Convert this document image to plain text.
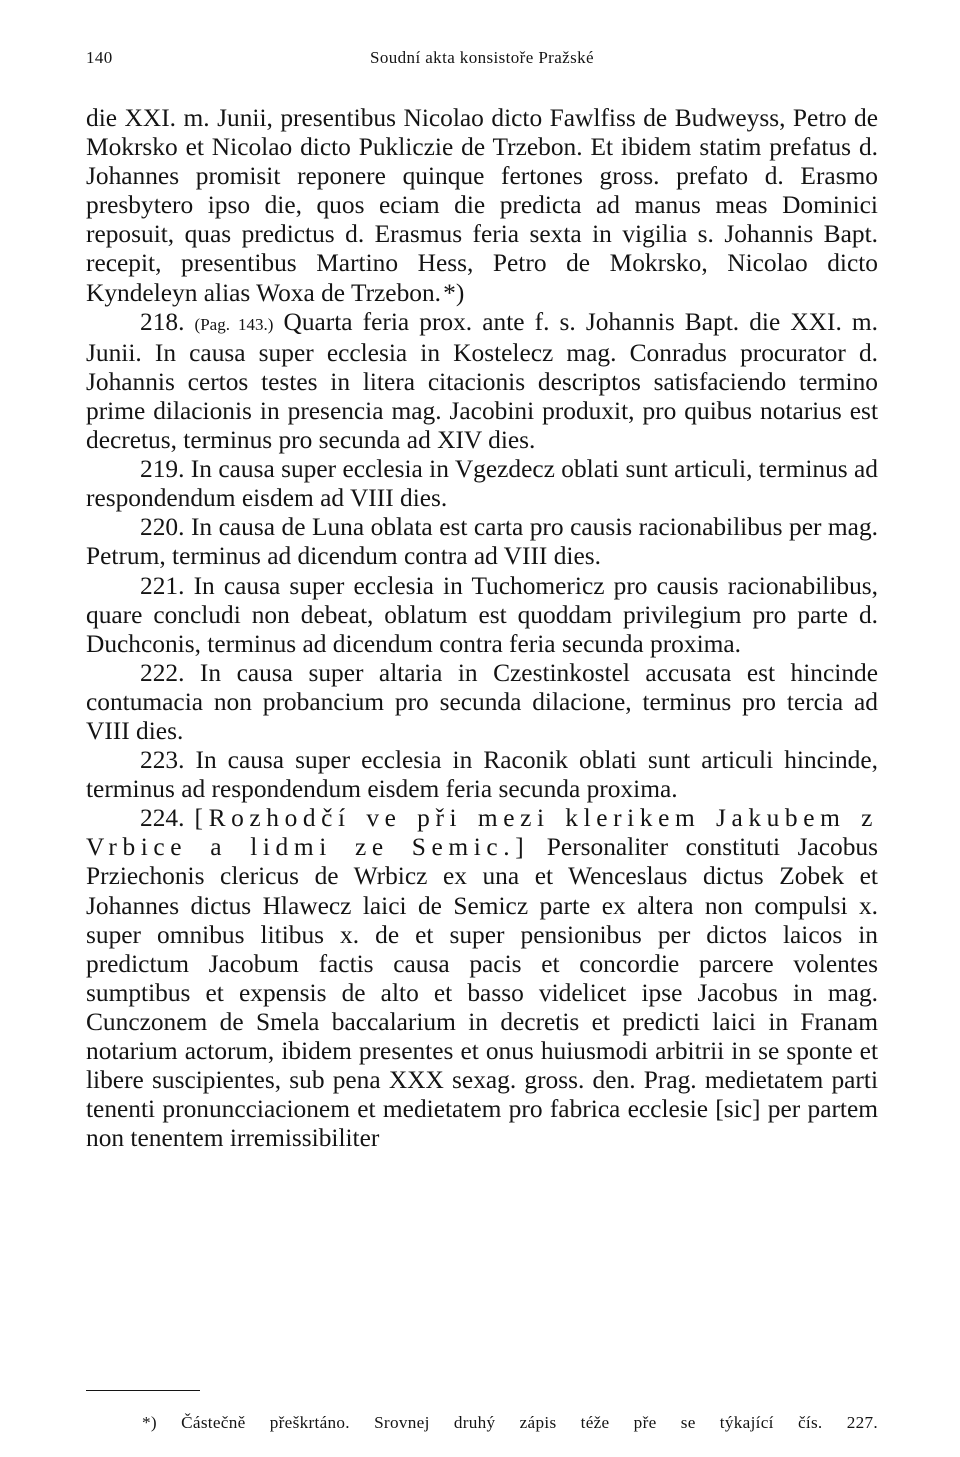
140	Soudní akta konsistoře Pražské

die XXI. m. Junii, presentibus Nicolao dicto Fawlfiss de Budweyss, Petro de Mokrsko et Nicolao dicto Pukliczie de Trzebon. Et ibidem statim prefatus d. Johannes promisit reponere quinque fertones gross. prefato d. Erasmo presbytero ipso die, quos eciam die predicta ad manus meas Dominici reposuit, quas predictus d. Erasmus feria sexta in vigilia s. Johannis Bapt. recepit, presentibus Martino Hess, Petro de Mokrsko, Nicolao dicto Kyndeleyn alias Woxa de Trzebon. *)

218. (Pag. 143.) Quarta feria prox. ante f. s. Johannis Bapt. die XXI. m. Junii. In causa super ecclesia in Kostelecz mag. Conradus procurator d. Johannis certos testes in litera citacionis descriptos satisfaciendo termino prime dilacionis in presencia mag. Jacobini produxit, pro quibus notarius est decretus, terminus pro secunda ad XIV dies.

219. In causa super ecclesia in Vgezdecz oblati sunt articuli, terminus ad respondendum eisdem ad VIII dies.

220. In causa de Luna oblata est carta pro causis racionabilibus per mag. Petrum, terminus ad dicendum contra ad VIII dies.

221. In causa super ecclesia in Tuchomericz pro causis racionabilibus, quare concludi non debeat, oblatum est quoddam privilegium pro parte d. Duchconis, terminus ad dicendum contra feria secunda proxima.

222. In causa super altaria in Czestinkostel accusata est hincinde contumacia non probancium pro secunda dilacione, terminus pro tercia ad VIII dies.

223. In causa super ecclesia in Raconik oblati sunt articuli hincinde, terminus ad respondendum eisdem feria secunda proxima.

224. [Rozhodčí ve při mezi klerikem Jakubem z Vrbice a lidmi ze Semic.] Personaliter constituti Jacobus Prziechonis clericus de Wrbicz ex una et Wenceslaus dictus Zobek et Johannes dictus Hlawecz laici de Semicz parte ex altera non compulsi x. super omnibus litibus x. de et super pensionibus per dictos laicos in predictum Jacobum factis causa pacis et concordie parcere volentes sumptibus et expensis de alto et basso videlicet ipse Jacobus in mag. Cunczonem de Smela baccalarium in decretis et predicti laici in Franam notarium actorum, ibidem presentes et onus huiusmodi arbitrii in se sponte et libere suscipientes, sub pena XXX sexag. gross. den. Prag. medietatem parti tenenti pronuncciacionem et medietatem pro fabrica ecclesie [sic] per partem non tenentem irremissibiliter

*) Částečně přeškrtáno. Srovnej druhý zápis téže pře se týkající čís. 227.
